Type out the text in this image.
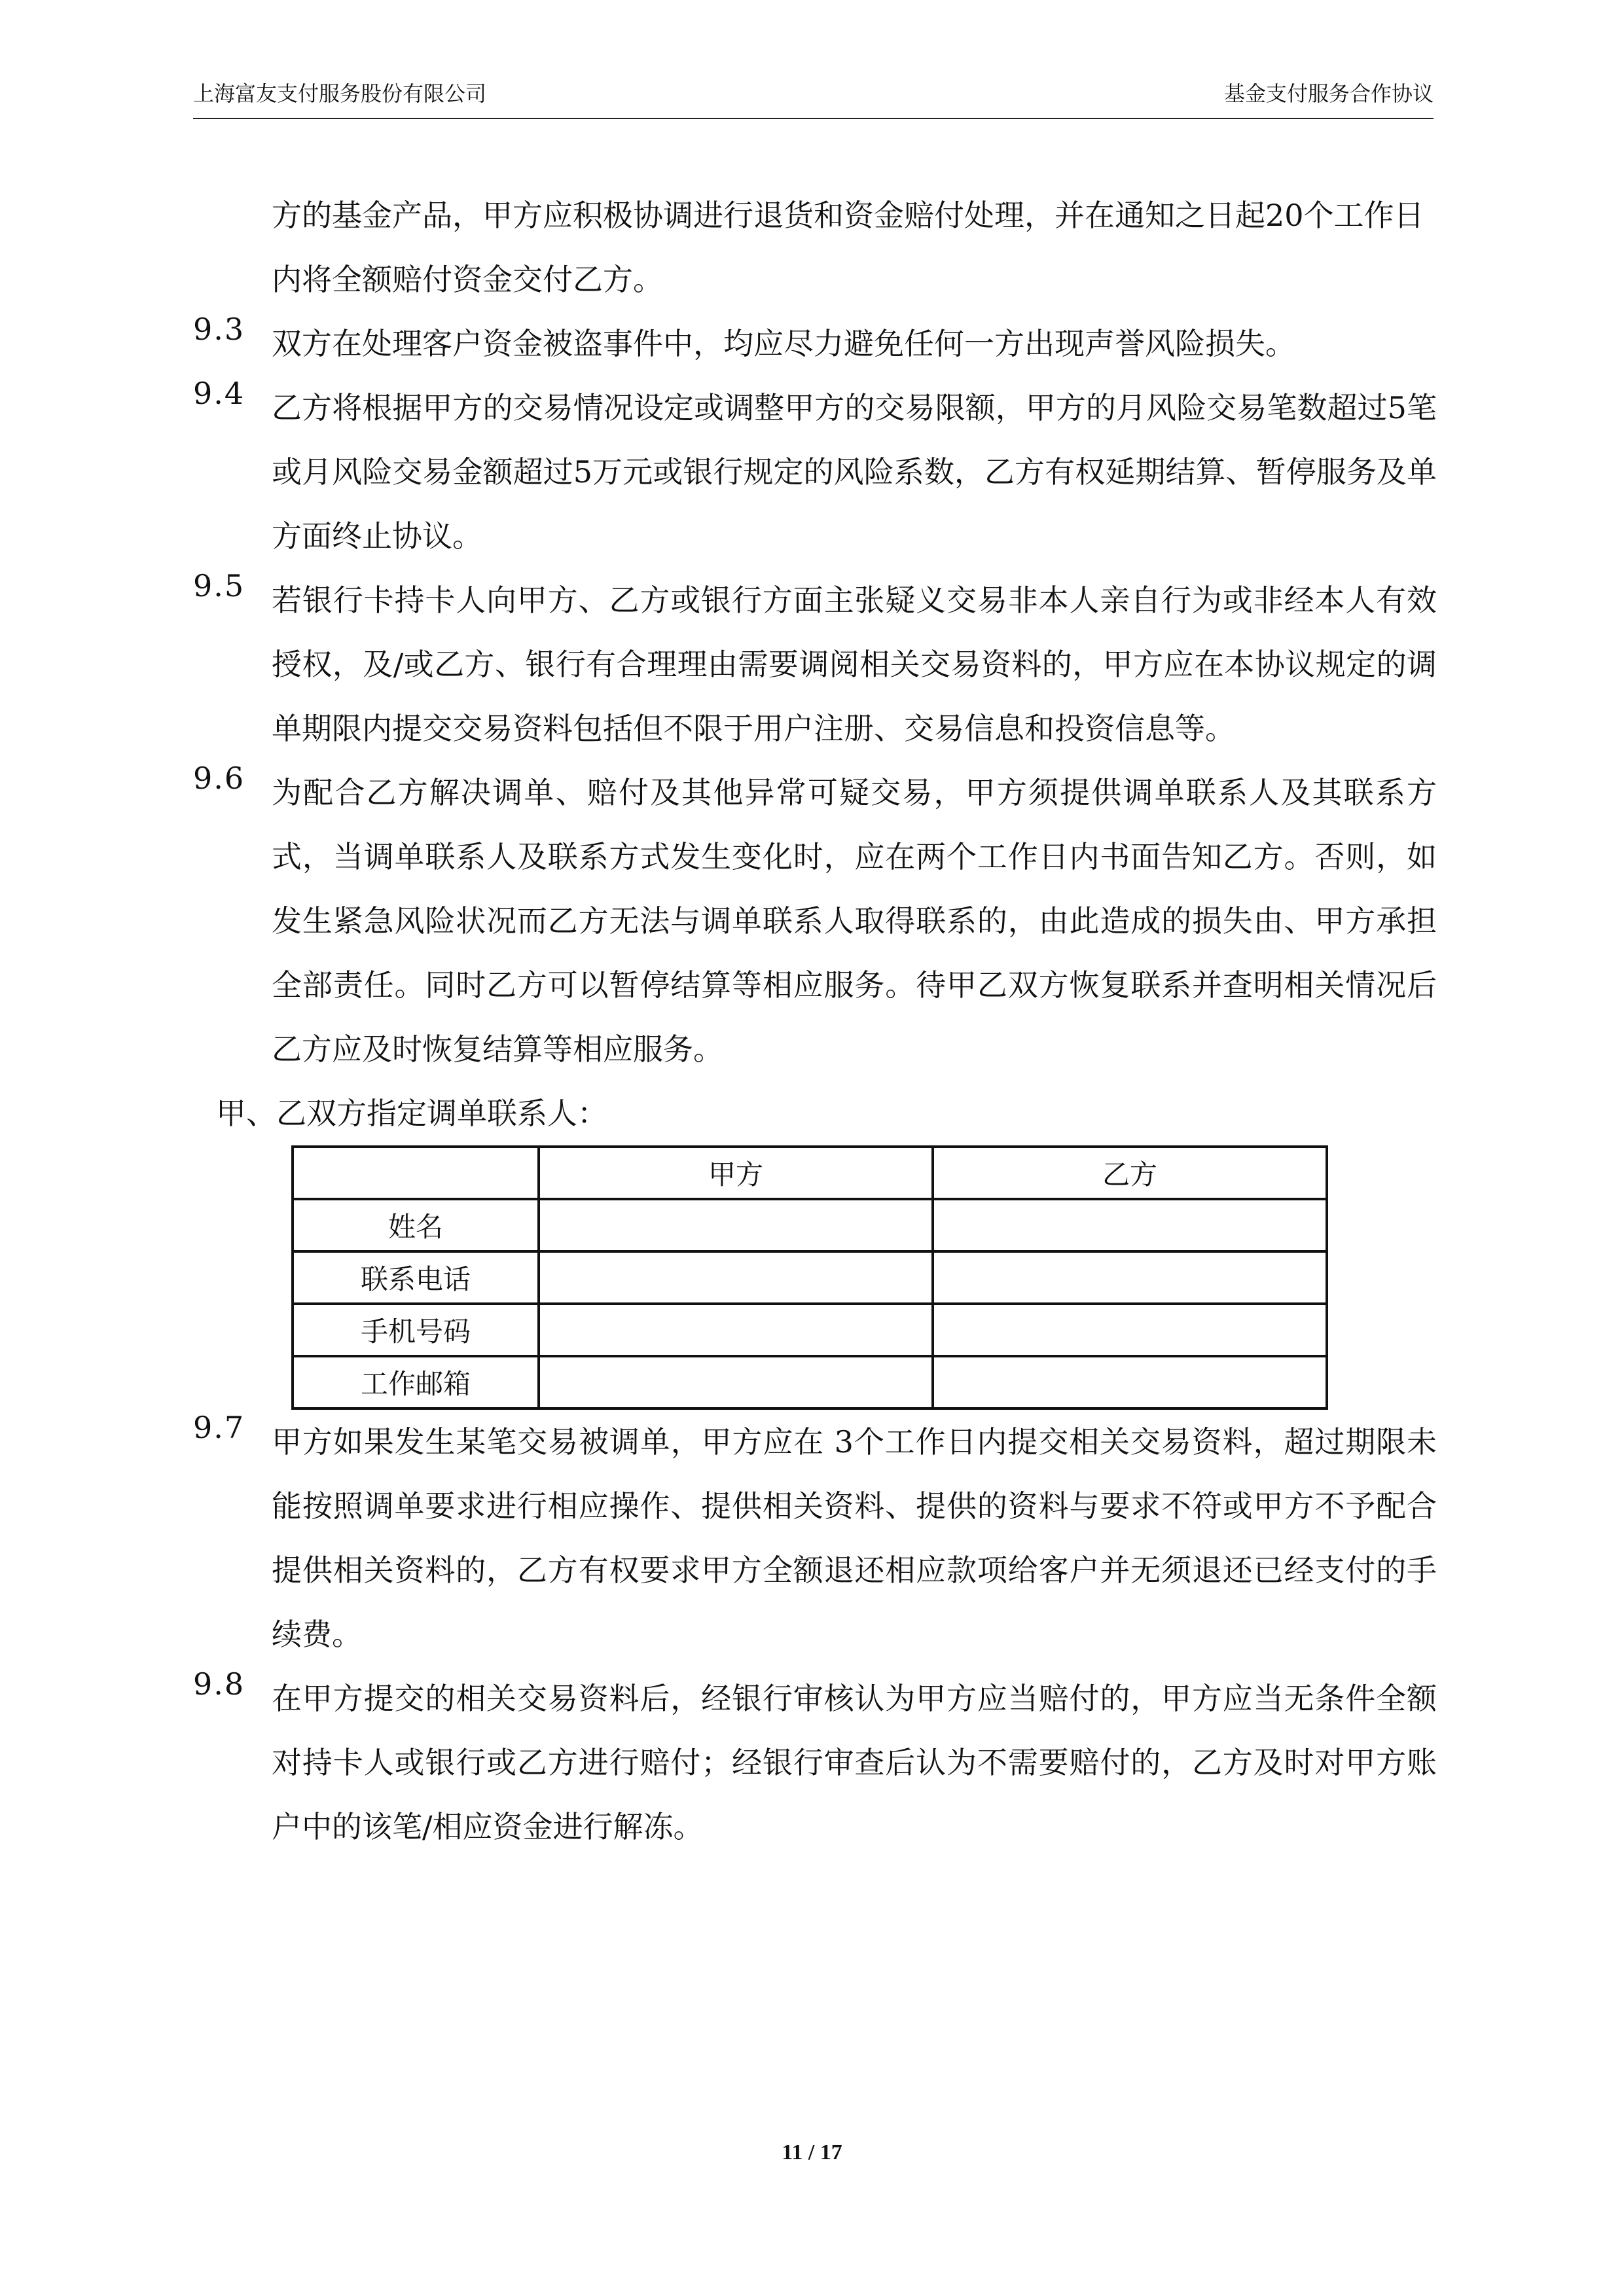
上海富友支付服务股份有限公司	基金支付服务合作协议

方的基金产品，甲方应积极协调进行退货和资金赔付处理，并在通知之日起20个工作日内将全额赔付资金交付乙方。

9.3 双方在处理客户资金被盗事件中，均应尽力避免任何一方出现声誉风险损失。
9.4 乙方将根据甲方的交易情况设定或调整甲方的交易限额，甲方的月风险交易笔数超过5笔或月风险交易金额超过5万元或银行规定的风险系数，乙方有权延期结算、暂停服务及单方面终止协议。
9.5 若银行卡持卡人向甲方、乙方或银行方面主张疑义交易非本人亲自行为或非经本人有效授权，及/或乙方、银行有合理理由需要调阅相关交易资料的，甲方应在本协议规定的调单期限内提交交易资料包括但不限于用户注册、交易信息和投资信息等。
9.6 为配合乙方解决调单、赔付及其他异常可疑交易，甲方须提供调单联系人及其联系方式，当调单联系人及联系方式发生变化时，应在两个工作日内书面告知乙方。否则，如发生紧急风险状况而乙方无法与调单联系人取得联系的，由此造成的损失由、甲方承担全部责任。同时乙方可以暂停结算等相应服务。待甲乙双方恢复联系并查明相关情况后乙方应及时恢复结算等相应服务。
甲、乙双方指定调单联系人：
	甲方	乙方
姓名		
联系电话		
手机号码		
工作邮箱		
9.7 甲方如果发生某笔交易被调单，甲方应在 3个工作日内提交相关交易资料，超过期限未能按照调单要求进行相应操作、提供相关资料、提供的资料与要求不符或甲方不予配合提供相关资料的，乙方有权要求甲方全额退还相应款项给客户并无须退还已经支付的手续费。
9.8 在甲方提交的相关交易资料后，经银行审核认为甲方应当赔付的，甲方应当无条件全额对持卡人或银行或乙方进行赔付；经银行审查后认为不需要赔付的，乙方及时对甲方账户中的该笔/相应资金进行解冻。
11 / 17
